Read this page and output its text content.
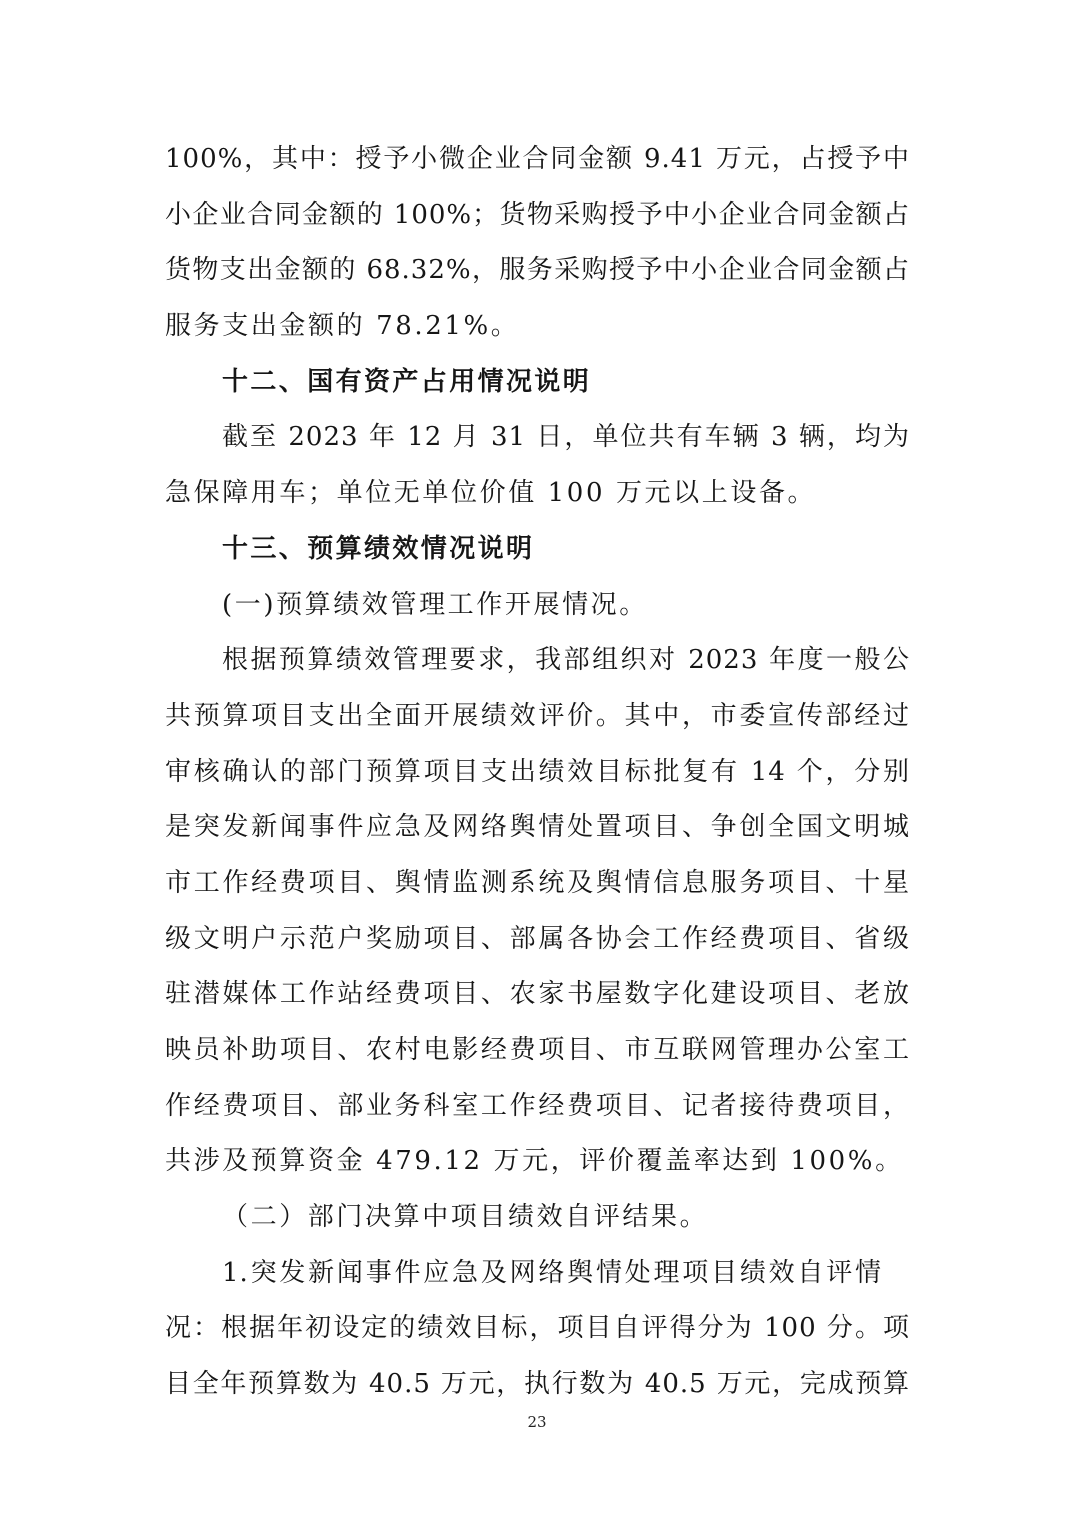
100%，其中：授予小微企业合同金额 9.41 万元，占授予中
小企业合同金额的 100%；货物采购授予中小企业合同金额占
货物支出金额的 68.32%，服务采购授予中小企业合同金额占
服务支出金额的 78.21%。
十二、国有资产占用情况说明
截至 2023 年 12 月 31 日，单位共有车辆 3 辆，均为
急保障用车；单位无单位价值 100 万元以上设备。
十三、预算绩效情况说明
(一)预算绩效管理工作开展情况。
根据预算绩效管理要求，我部组织对 2023 年度一般公
共预算项目支出全面开展绩效评价。其中，市委宣传部经过
审核确认的部门预算项目支出绩效目标批复有 14 个，分别
是突发新闻事件应急及网络舆情处置项目、争创全国文明城
市工作经费项目、舆情监测系统及舆情信息服务项目、十星
级文明户示范户奖励项目、部属各协会工作经费项目、省级
驻潜媒体工作站经费项目、农家书屋数字化建设项目、老放
映员补助项目、农村电影经费项目、市互联网管理办公室工
作经费项目、部业务科室工作经费项目、记者接待费项目，
共涉及预算资金 479.12 万元，评价覆盖率达到 100%。
（二）部门决算中项目绩效自评结果。
1.突发新闻事件应急及网络舆情处理项目绩效自评情
况：根据年初设定的绩效目标，项目自评得分为 100 分。项
目全年预算数为 40.5 万元，执行数为 40.5 万元，完成预算
23
